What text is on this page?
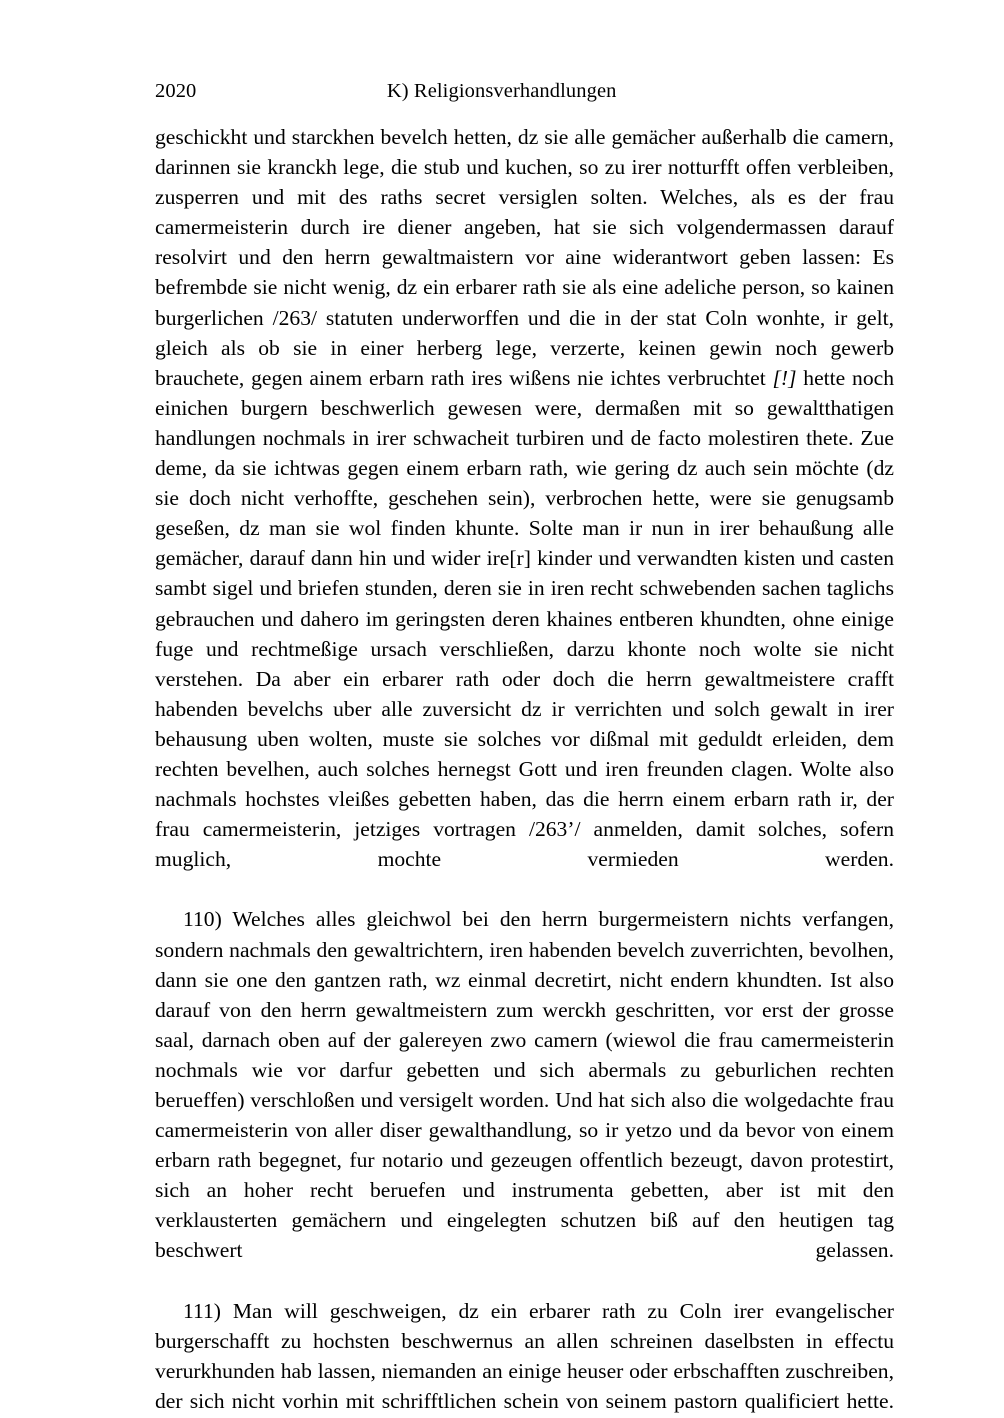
2020	K) Religionsverhandlungen

geschickht und starckhen bevelch hetten, dz sie alle gemächer außerhalb die camern, darinnen sie kranckh lege, die stub und kuchen, so zu irer notturfft offen verbleiben, zusperren und mit des raths secret versiglen solten. Welches, als es der frau camermeisterin durch ire diener angeben, hat sie sich volgendermassen darauf resolvirt und den herrn gewaltmaistern vor aine widerantwort geben lassen: Es befrembde sie nicht wenig, dz ein erbarer rath sie als eine adeliche person, so kainen burgerlichen /263/ statuten underworffen und die in der stat Coln wonhte, ir gelt, gleich als ob sie in einer herberg lege, verzerte, keinen gewin noch gewerb brauchete, gegen ainem erbarn rath ires wißens nie ichtes verbruchtet [!] hette noch einichen burgern beschwerlich gewesen were, dermaßen mit so gewaltthatigen handlungen nochmals in irer schwacheit turbiren und de facto molestiren thete. Zue deme, da sie ichtwas gegen einem erbarn rath, wie gering dz auch sein möchte (dz sie doch nicht verhoffte, geschehen sein), verbrochen hette, were sie genugsamb geseßen, dz man sie wol finden khunte. Solte man ir nun in irer behaußung alle gemächer, darauf dann hin und wider ire[r] kinder und verwandten kisten und casten sambt sigel und briefen stunden, deren sie in iren recht schwebenden sachen taglichs gebrauchen und dahero im geringsten deren khaines entberen khundten, ohne einige fuge und rechtmeßige ursach verschließen, darzu khonte noch wolte sie nicht verstehen. Da aber ein erbarer rath oder doch die herrn gewaltmeistere crafft habenden bevelchs uber alle zuversicht dz ir verrichten und solch gewalt in irer behausung uben wolten, muste sie solches vor dißmal mit geduldt erleiden, dem rechten bevelhen, auch solches hernegst Gott und iren freunden clagen. Wolte also nachmals hochstes vleißes gebetten haben, das die herrn einem erbarn rath ir, der frau camermeisterin, jetziges vortragen /263’/ anmelden, damit solches, sofern muglich, mochte vermieden werden.

110) Welches alles gleichwol bei den herrn burgermeistern nichts verfangen, sondern nachmals den gewaltrichtern, iren habenden bevelch zuverrichten, bevolhen, dann sie one den gantzen rath, wz einmal decretirt, nicht endern khundten. Ist also darauf von den herrn gewaltmeistern zum werckh geschritten, vor erst der grosse saal, darnach oben auf der galereyen zwo camern (wiewol die frau camermeisterin nochmals wie vor darfur gebetten und sich abermals zu geburlichen rechten berueffen) verschloßen und versigelt worden. Und hat sich also die wolgedachte frau camermeisterin von aller diser gewalthandlung, so ir yetzo und da bevor von einem erbarn rath begegnet, fur notario und gezeugen offentlich bezeugt, davon protestirt, sich an hoher recht beruefen und instrumenta gebetten, aber ist mit den verklausterten gemächern und eingelegten schutzen biß auf den heutigen tag beschwert gelassen.

111) Man will geschweigen, dz ein erbarer rath zu Coln irer evangelischer burgerschafft zu hochsten beschwernus an allen schreinen daselbsten in effectu verurkhunden hab lassen, niemanden an einige heuser oder erbschafften zuschreiben, der sich nicht vorhin mit schrifftlichen schein von seinem pastorn qualificiert hette.
